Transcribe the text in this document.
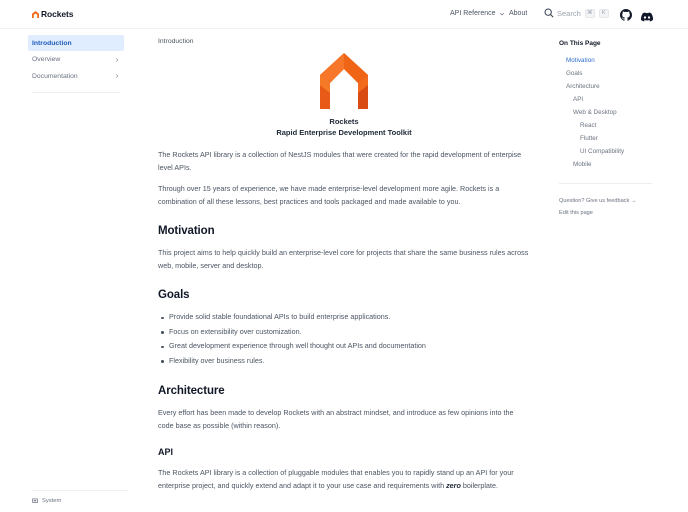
Rockets	API Reference About	Search	⌘	K
Introduction
Overview
Documentation
System
Introduction
Rockets
Rapid Enterprise Development Toolkit

The Rockets API library is a collection of NestJS modules that were created for the rapid development of enterpise level APIs.

Through over 15 years of experience, we have made enterprise-level development more agile. Rockets is a combination of all these lessons, best practices and tools packaged and made available to you.

Motivation

This project aims to help quickly build an enterprise-level core for projects that share the same business rules across web, mobile, server and desktop.

Goals
Provide solid stable foundational APIs to build enterprise applications.
Focus on extensibility over customization.
Great development experience through well thought out APIs and documentation
Flexibility over business rules.
Architecture

Every effort has been made to develop Rockets with an abstract mindset, and introduce as few opinions into the code base as possible (within reason).

API

The Rockets API library is a collection of pluggable modules that enables you to rapidly stand up an API for your enterprise project, and quickly extend and adapt it to your use case and requirements with zero boilerplate.

On This Page
Motivation
Goals
Architecture
API
Web & Desktop
React
Flutter
UI Compatibility
Mobile
Question? Give us feedback →
Edit this page
